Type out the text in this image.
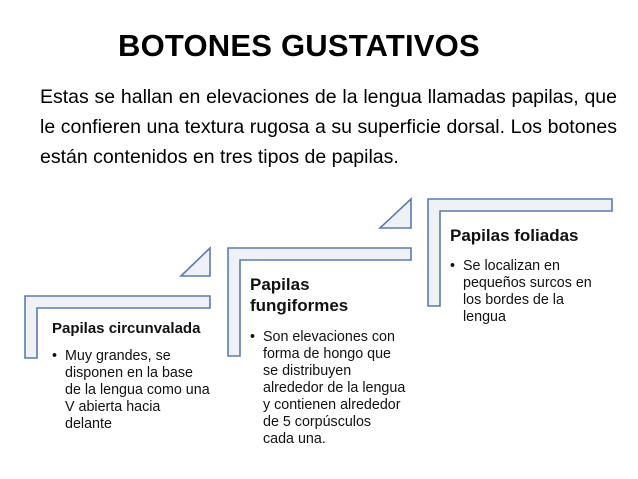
BOTONES GUSTATIVOS
Estas se hallan en elevaciones de la lengua llamadas papilas, que le confieren una textura rugosa a su superficie dorsal. Los botones están contenidos en tres tipos de papilas.
Papilas circunvalada
• Muy grandes, se disponen en la base de la lengua como una V abierta hacia delante
Papilas
fungiformes
• Son elevaciones con forma de hongo que se distribuyen alrededor de la lengua y contienen alrededor de 5 corpúsculos cada una.
Papilas foliadas
• Se localizan en pequeños surcos en los bordes de la lengua
